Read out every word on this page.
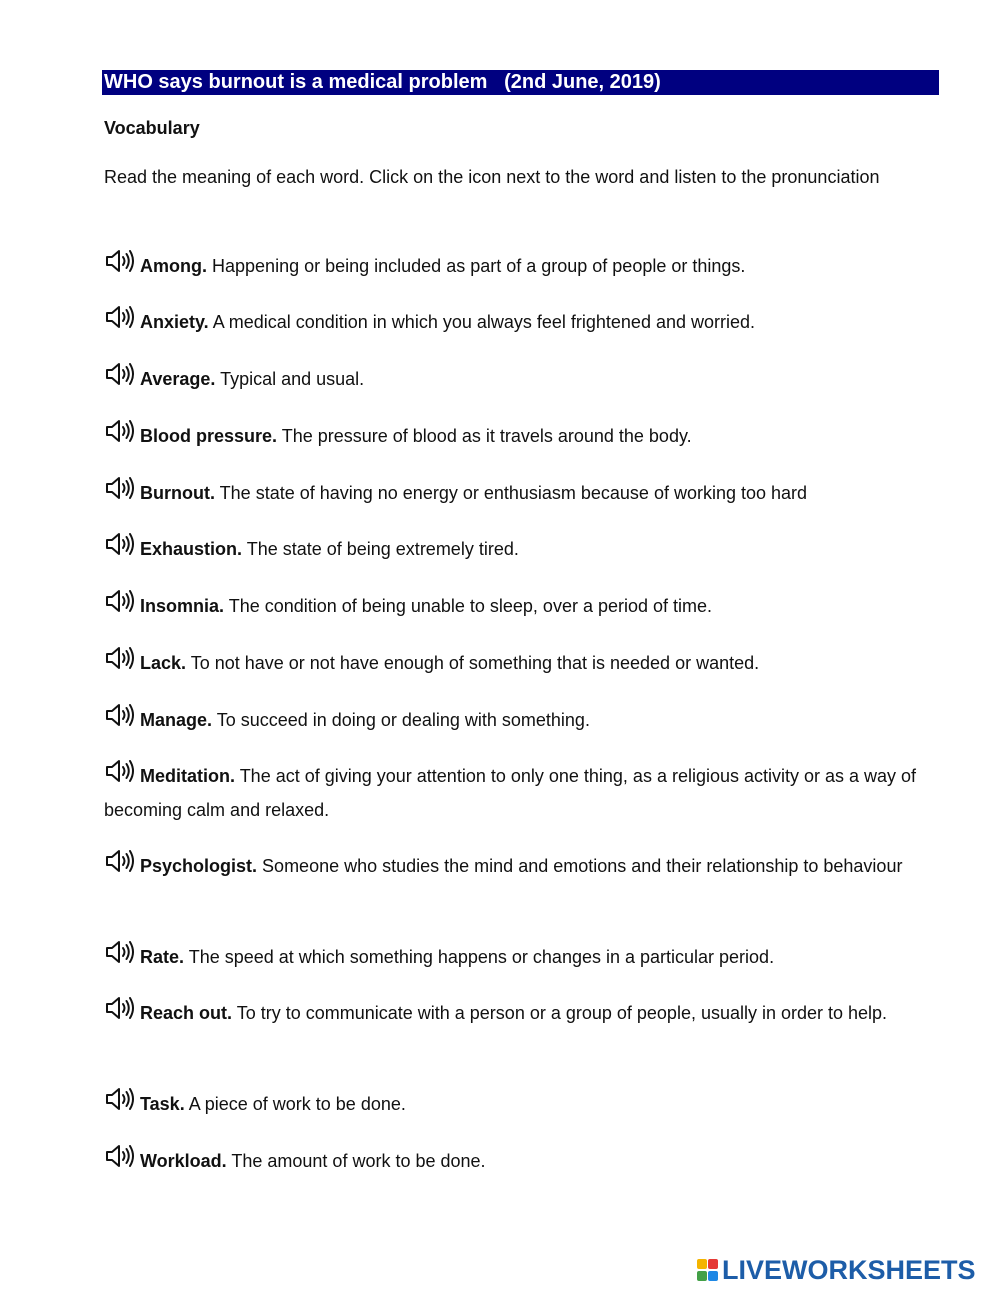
WHO says burnout is a medical problem   (2nd June, 2019)
Vocabulary
Read the meaning of each word. Click on the icon next to the word and listen to the pronunciation
Among. Happening or being included as part of a group of people or things.
Anxiety. A medical condition in which you always feel frightened and worried.
Average. Typical and usual.
Blood pressure. The pressure of blood as it travels around the body.
Burnout. The state of having no energy or enthusiasm because of working too hard
Exhaustion. The state of being extremely tired.
Insomnia. The condition of being unable to sleep, over a period of time.
Lack. To not have or not have enough of something that is needed or wanted.
Manage. To succeed in doing or dealing with something.
Meditation. The act of giving your attention to only one thing, as a religious activity or as a way of becoming calm and relaxed.
Psychologist. Someone who studies the mind and emotions and their relationship to behaviour
Rate. The speed at which something happens or changes in a particular period.
Reach out. To try to communicate with a person or a group of people, usually in order to help.
Task. A piece of work to be done.
Workload. The amount of work to be done.
LIVEWORKSHEETS
